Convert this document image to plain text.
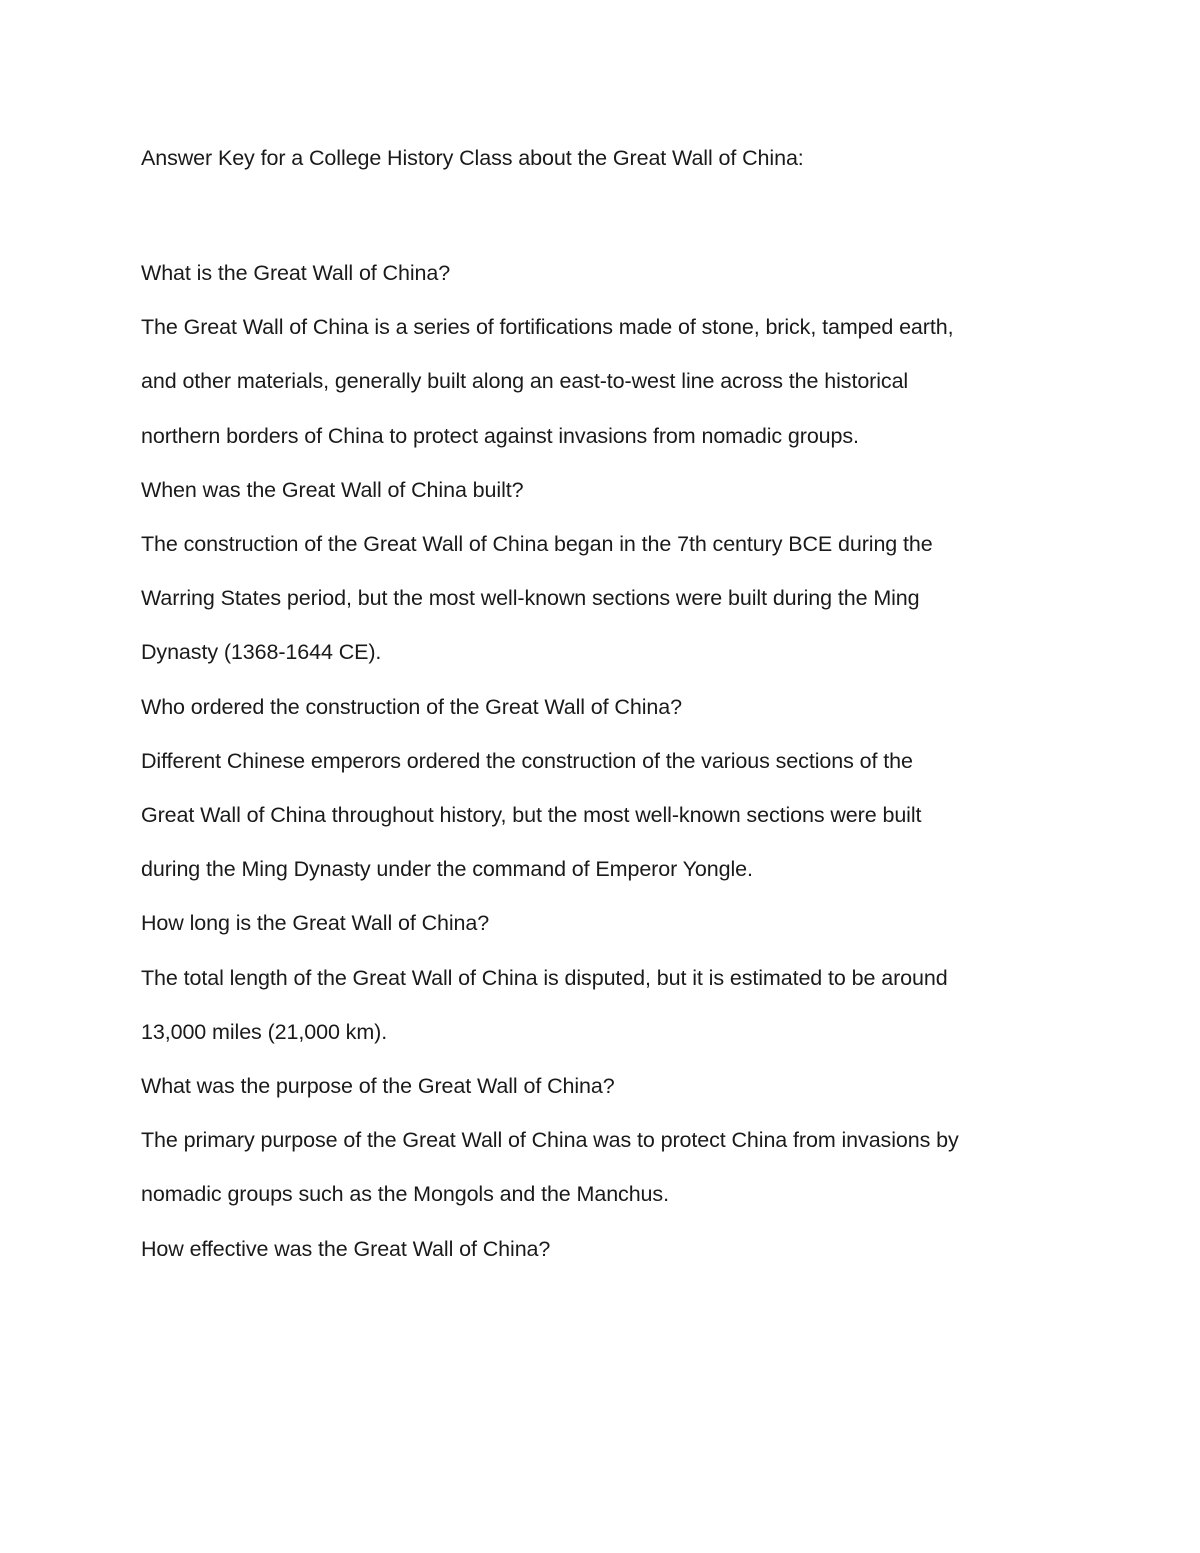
Answer Key for a College History Class about the Great Wall of China:

What is the Great Wall of China?

The Great Wall of China is a series of fortifications made of stone, brick, tamped earth,

and other materials, generally built along an east-to-west line across the historical

northern borders of China to protect against invasions from nomadic groups.

When was the Great Wall of China built?

The construction of the Great Wall of China began in the 7th century BCE during the

Warring States period, but the most well-known sections were built during the Ming

Dynasty (1368-1644 CE).

Who ordered the construction of the Great Wall of China?

Different Chinese emperors ordered the construction of the various sections of the

Great Wall of China throughout history, but the most well-known sections were built

during the Ming Dynasty under the command of Emperor Yongle.

How long is the Great Wall of China?

The total length of the Great Wall of China is disputed, but it is estimated to be around

13,000 miles (21,000 km).

What was the purpose of the Great Wall of China?

The primary purpose of the Great Wall of China was to protect China from invasions by

nomadic groups such as the Mongols and the Manchus.

How effective was the Great Wall of China?
